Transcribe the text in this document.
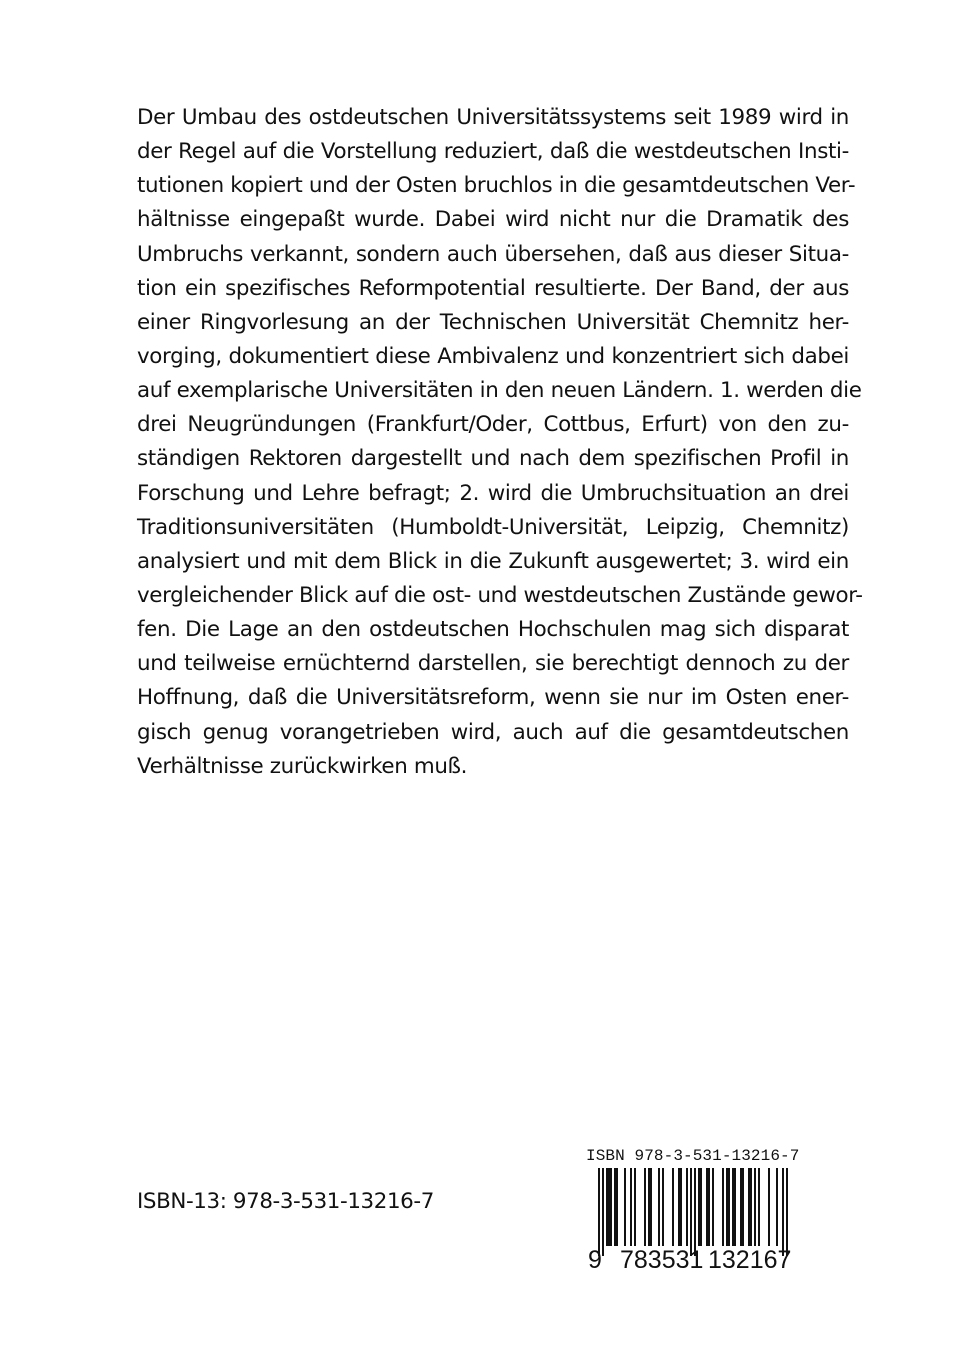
Der Umbau des ostdeutschen Universitätssystems seit 1989 wird in
der Regel auf die Vorstellung reduziert, daß die westdeutschen Insti-
tutionen kopiert und der Osten bruchlos in die gesamtdeutschen Ver-
hältnisse eingepaßt wurde. Dabei wird nicht nur die Dramatik des
Umbruchs verkannt, sondern auch übersehen, daß aus dieser Situa-
tion ein spezifisches Reformpotential resultierte. Der Band, der aus
einer Ringvorlesung an der Technischen Universität Chemnitz her-
vorging, dokumentiert diese Ambivalenz und konzentriert sich dabei
auf exemplarische Universitäten in den neuen Ländern. 1. werden die
drei Neugründungen (Frankfurt/Oder, Cottbus, Erfurt) von den zu-
ständigen Rektoren dargestellt und nach dem spezifischen Profil in
Forschung und Lehre befragt; 2. wird die Umbruchsituation an drei
Traditionsuniversitäten (Humboldt-Universität, Leipzig, Chemnitz)
analysiert und mit dem Blick in die Zukunft ausgewertet; 3. wird ein
vergleichender Blick auf die ost- und westdeutschen Zustände gewor-
fen. Die Lage an den ostdeutschen Hochschulen mag sich disparat
und teilweise ernüchternd darstellen, sie berechtigt dennoch zu der
Hoffnung, daß die Universitätsreform, wenn sie nur im Osten ener-
gisch genug vorangetrieben wird, auch auf die gesamtdeutschen
Verhältnisse zurückwirken muß.
ISBN-13: 978-3-531-13216-7
ISBN 978-3-531-13216-7
9 783531 132167
